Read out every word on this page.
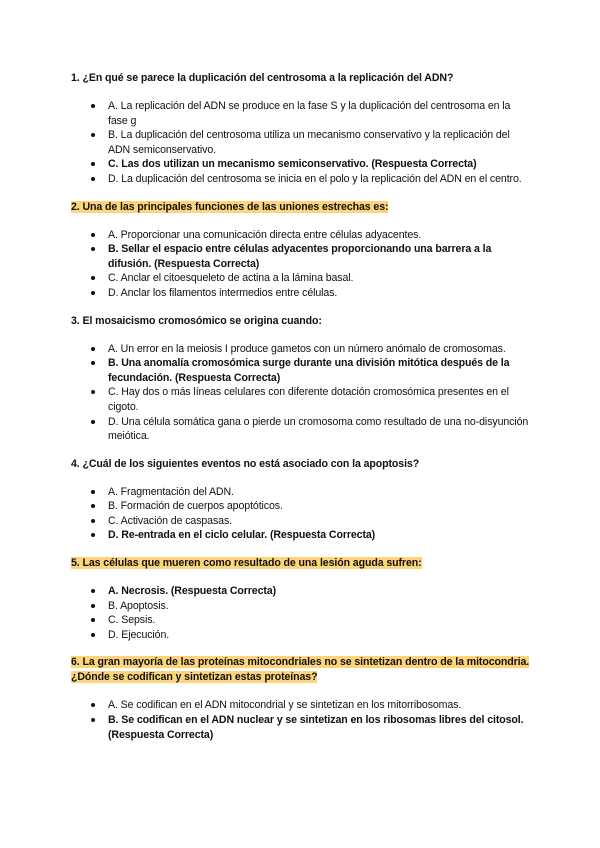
1. ¿En qué se parece la duplicación del centrosoma a la replicación del ADN?

A. La replicación del ADN se produce en la fase S y la duplicación del centrosoma en la fase g
B. La duplicación del centrosoma utiliza un mecanismo conservativo y la replicación del ADN semiconservativo.
C. Las dos utilizan un mecanismo semiconservativo. (Respuesta Correcta)
D. La duplicación del centrosoma se inicia en el polo y la replicación del ADN en el centro.

2. Una de las principales funciones de las uniones estrechas es:

A. Proporcionar una comunicación directa entre células adyacentes.
B. Sellar el espacio entre células adyacentes proporcionando una barrera a la difusión. (Respuesta Correcta)
C. Anclar el citoesqueleto de actina a la lámina basal.
D. Anclar los filamentos intermedios entre células.

3. El mosaicismo cromosómico se origina cuando:

A. Un error en la meiosis I produce gametos con un número anómalo de cromosomas.
B. Una anomalía cromosómica surge durante una división mitótica después de la fecundación. (Respuesta Correcta)
C. Hay dos o más líneas celulares con diferente dotación cromosómica presentes en el cigoto.
D. Una célula somática gana o pierde un cromosoma como resultado de una no-disyunción meiótica.

4. ¿Cuál de los siguientes eventos no está asociado con la apoptosis?

A. Fragmentación del ADN.
B. Formación de cuerpos apoptóticos.
C. Activación de caspasas.
D. Re-entrada en el ciclo celular. (Respuesta Correcta)

5. Las células que mueren como resultado de una lesión aguda sufren:

A. Necrosis. (Respuesta Correcta)
B. Apoptosis.
C. Sepsis.
D. Ejecución.

6. La gran mayoría de las proteínas mitocondriales no se sintetizan dentro de la mitocondria. ¿Dónde se codifican y sintetizan estas proteínas?

A. Se codifican en el ADN mitocondrial y se sintetizan en los mitorribosomas.
B. Se codifican en el ADN nuclear y se sintetizan en los ribosomas libres del citosol. (Respuesta Correcta)
